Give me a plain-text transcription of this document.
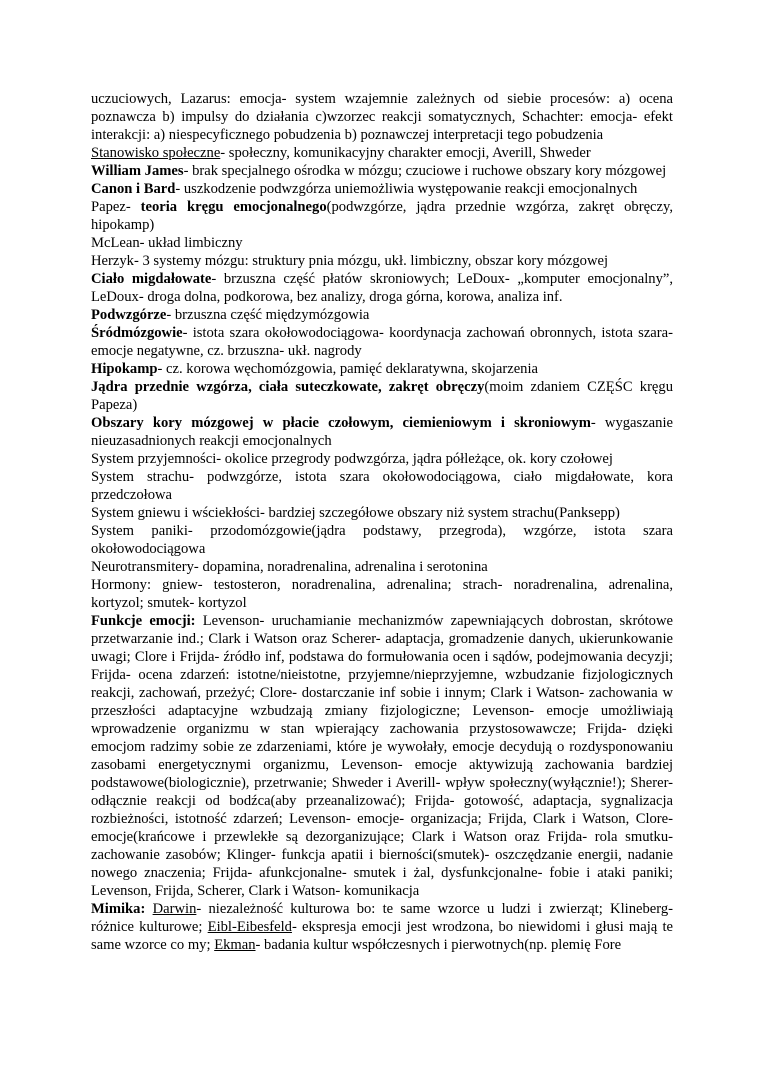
uczuciowych, Lazarus: emocja- system wzajemnie zależnych od siebie procesów: a) ocena poznawcza b) impulsy do działania c)wzorzec reakcji somatycznych, Schachter: emocja- efekt interakcji: a) niespecyficznego pobudzenia b) poznawczej interpretacji tego pobudzenia

Stanowisko społeczne- społeczny, komunikacyjny charakter emocji, Averill, Shweder

William James- brak specjalnego ośrodka w mózgu; czuciowe i ruchowe obszary kory mózgowej

Canon i Bard- uszkodzenie podwzgórza uniemożliwia występowanie reakcji emocjonalnych

Papez- teoria kręgu emocjonalnego(podwzgórze, jądra przednie wzgórza, zakręt obręczy, hipokamp)

McLean- układ limbiczny

Herzyk- 3 systemy mózgu: struktury pnia mózgu, ukł. limbiczny, obszar kory mózgowej

Ciało migdałowate- brzuszna część płatów skroniowych; LeDoux- „komputer emocjonalny”, LeDoux- droga dolna, podkorowa, bez analizy, droga górna, korowa, analiza inf.

Podwzgórze- brzuszna część międzymózgowia

Śródmózgowie- istota szara okołowodociągowa- koordynacja zachowań obronnych, istota szara- emocje negatywne, cz. brzuszna- ukł. nagrody

Hipokamp- cz. korowa węchomózgowia, pamięć deklaratywna, skojarzenia

Jądra przednie wzgórza, ciała suteczkowate, zakręt obręczy(moim zdaniem CZĘŚC kręgu Papeza)

Obszary kory mózgowej w płacie czołowym, ciemieniowym i skroniowym- wygaszanie nieuzasadnionych reakcji emocjonalnych

System przyjemności- okolice przegrody podwzgórza, jądra półleżące, ok. kory czołowej

System strachu- podwzgórze, istota szara okołowodociągowa, ciało migdałowate, kora przedczołowa

System gniewu i wściekłości- bardziej szczegółowe obszary niż system strachu(Panksepp)

System paniki- przodomózgowie(jądra podstawy, przegroda), wzgórze, istota szara okołowodociągowa

Neurotransmitery- dopamina, noradrenalina, adrenalina i serotonina

Hormony: gniew- testosteron, noradrenalina, adrenalina; strach- noradrenalina, adrenalina, kortyzol; smutek- kortyzol

Funkcje emocji: Levenson- uruchamianie mechanizmów zapewniających dobrostan, skrótowe przetwarzanie ind.; Clark i Watson oraz Scherer- adaptacja, gromadzenie danych, ukierunkowanie uwagi; Clore i Frijda- źródło inf, podstawa do formułowania ocen i sądów, podejmowania decyzji; Frijda- ocena zdarzeń: istotne/nieistotne, przyjemne/nieprzyjemne, wzbudzanie fizjologicznych reakcji, zachowań, przeżyć; Clore- dostarczanie inf sobie i innym; Clark i Watson- zachowania w przeszłości adaptacyjne wzbudzają zmiany fizjologiczne; Levenson- emocje umożliwiają wprowadzenie organizmu w stan wpierający zachowania przystosowawcze; Frijda- dzięki emocjom radzimy sobie ze zdarzeniami, które je wywołały, emocje decydują o rozdysponowaniu zasobami energetycznymi organizmu, Levenson- emocje aktywizują zachowania bardziej podstawowe(biologicznie), przetrwanie; Shweder i Averill- wpływ społeczny(wyłącznie!); Sherer- odłącznie reakcji od bodźca(aby przeanalizować); Frijda- gotowość, adaptacja, sygnalizacja rozbieżności, istotność zdarzeń; Levenson- emocje- organizacja; Frijda, Clark i Watson, Clore- emocje(krańcowe i przewlekłe są dezorganizujące; Clark i Watson oraz Frijda- rola smutku- zachowanie zasobów; Klinger- funkcja apatii i bierności(smutek)- oszczędzanie energii, nadanie nowego znaczenia; Frijda- afunkcjonalne- smutek i żal, dysfunkcjonalne- fobie i ataki paniki; Levenson, Frijda, Scherer, Clark i Watson- komunikacja

Mimika: Darwin- niezależność kulturowa bo: te same wzorce u ludzi i zwierząt; Klineberg- różnice kulturowe; Eibl-Eibesfeld- ekspresja emocji jest wrodzona, bo niewidomi i głusi mają te same wzorce co my; Ekman- badania kultur współczesnych i pierwotnych(np. plemię Fore
